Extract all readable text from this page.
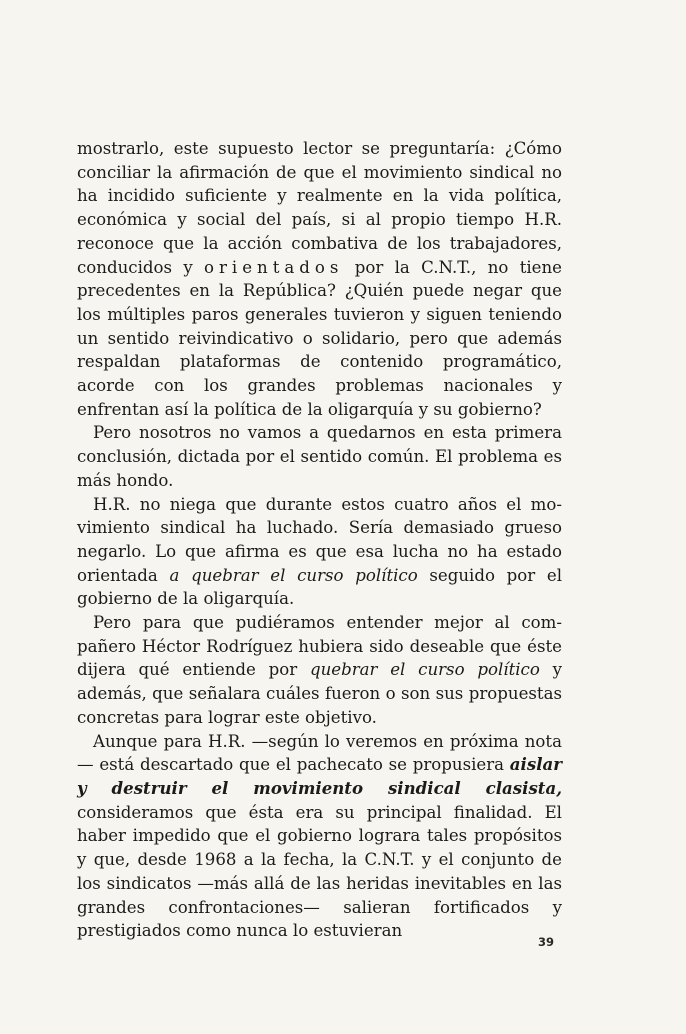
mostrarlo, este supuesto lector se preguntaría: ¿Cómo conciliar la afirmación de que el movimiento sindical no ha incidido suficiente y realmente en la vida política, económica y social del país, si al propio tiempo H.R. reconoce que la acción combativa de los trabajadores, conducidos y orientados por la C.N.T., no tiene precedentes en la República? ¿Quién puede negar que los múltiples paros generales tuvieron y siguen teniendo un sentido reivindicativo o solidario, pero que además respaldan plataformas de contenido programático, acorde con los grandes problemas nacionales y enfrentan así la política de la oligarquía y su gobierno?

Pero nosotros no vamos a quedarnos en esta primera conclusión, dictada por el sentido común. El problema es más hondo.

H.R. no niega que durante estos cuatro años el movimiento sindical ha luchado. Sería demasiado grueso negarlo. Lo que afirma es que esa lucha no ha estado orientada a quebrar el curso político seguido por el gobierno de la oligarquía.

Pero para que pudiéramos entender mejor al compañero Héctor Rodríguez hubiera sido deseable que éste dijera qué entiende por quebrar el curso político y además, que señalara cuáles fueron o son sus propuestas concretas para lograr este objetivo.

Aunque para H.R. —según lo veremos en próxima nota— está descartado que el pachecato se propusiera aislar y destruir el movimiento sindical clasista, consideramos que ésta era su principal finalidad. El haber impedido que el gobierno lograra tales propósitos y que, desde 1968 a la fecha, la C.N.T. y el conjunto de los sindicatos —más allá de las heridas inevitables en las grandes confrontaciones— salieran fortificados y prestigiados como nunca lo estuvieran

39
